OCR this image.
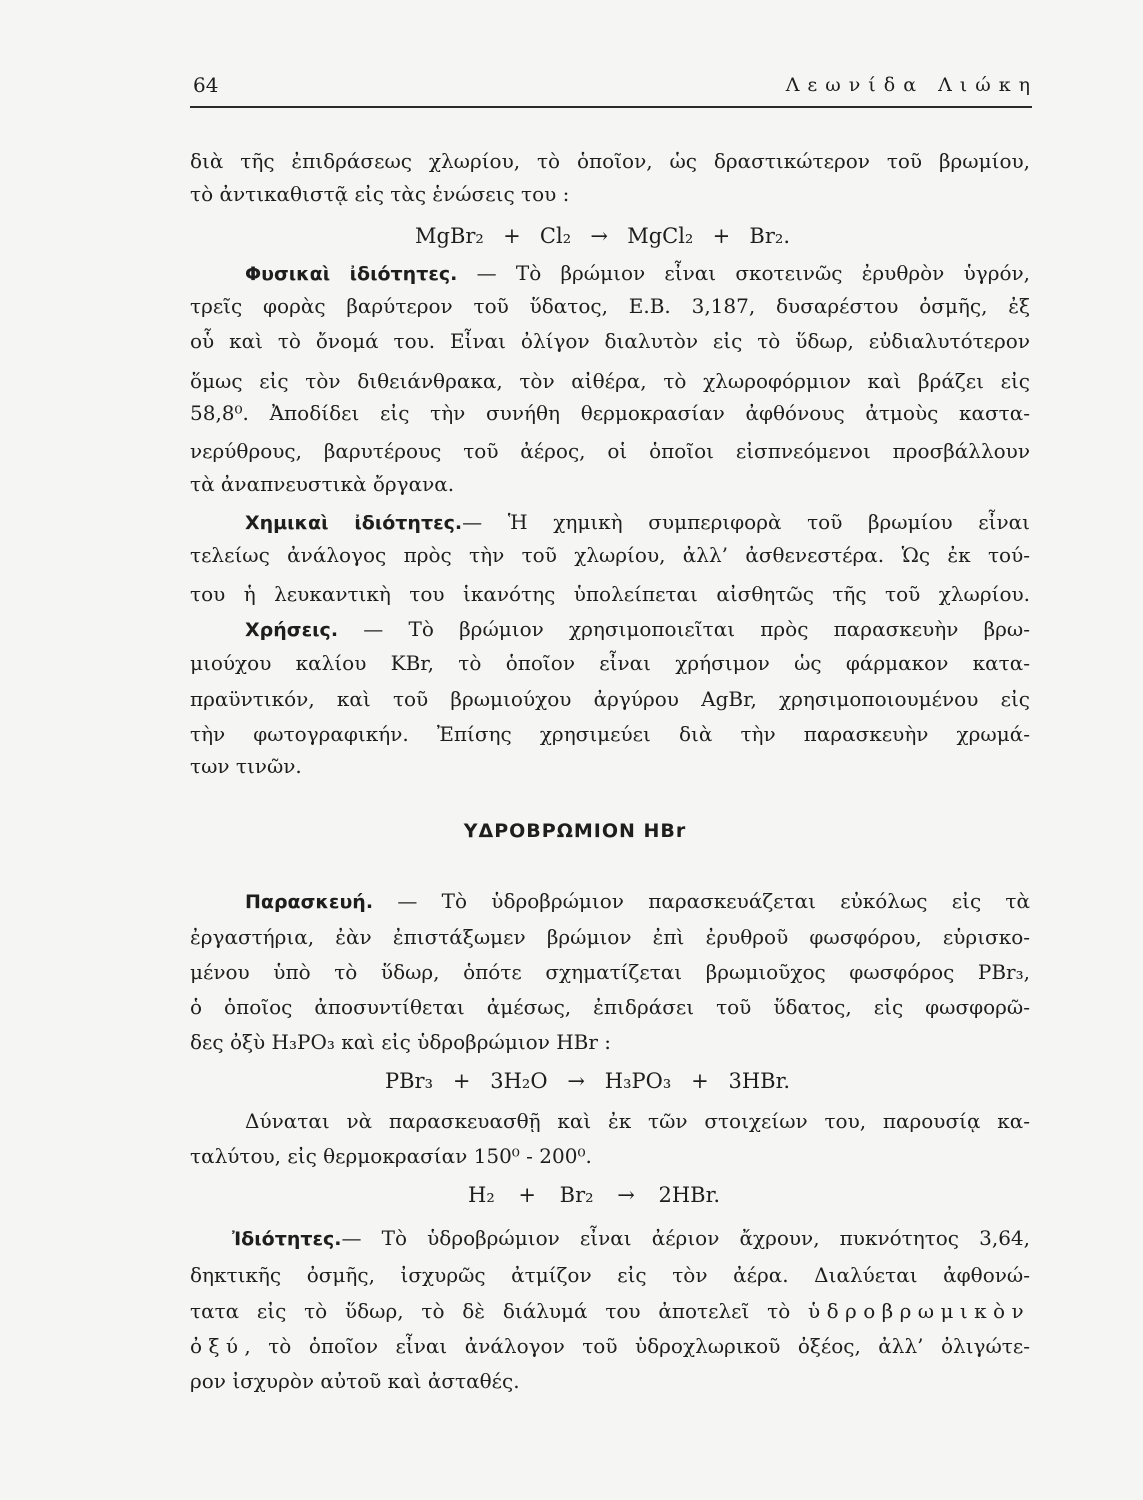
64	Λεωνίδα Λιώκη
διὰ τῆς ἐπιδράσεως χλωρίου, τὸ ὁποῖον, ὡς δραστικώτερον τοῦ βρωμίου,
τὸ ἀντικαθιστᾷ εἰς τὰς ἑνώσεις του :
MgBr₂ + Cl₂ → MgCl₂ + Br₂.
Φυσικαὶ ἰδιότητες. — Τὸ βρώμιον εἶναι σκοτεινῶς ἐρυθρὸν ὑγρόν,
τρεῖς φορὰς βαρύτερον τοῦ ὕδατος, Ε.Β. 3,187, δυσαρέστου ὀσμῆς, ἐξ
οὗ καὶ τὸ ὄνομά του. Εἶναι ὀλίγον διαλυτὸν εἰς τὸ ὕδωρ, εὐδιαλυτότερον
ὅμως εἰς τὸν διθειάνθρακα, τὸν αἰθέρα, τὸ χλωροφόρμιον καὶ βράζει εἰς
58,8⁰. Ἀποδίδει εἰς τὴν συνήθη θερμοκρασίαν ἀφθόνους ἀτμοὺς καστα-
νερύθρους, βαρυτέρους τοῦ ἀέρος, οἱ ὁποῖοι εἰσπνεόμενοι προσβάλλουν
τὰ ἀναπνευστικὰ ὄργανα.
Χημικαὶ ἰδιότητες.— Ἡ χημικὴ συμπεριφορὰ τοῦ βρωμίου εἶναι
τελείως ἀνάλογος πρὸς τὴν τοῦ χλωρίου, ἀλλ’ ἀσθενεστέρα. Ὡς ἐκ τού-
του ἡ λευκαντικὴ του ἱκανότης ὑπολείπεται αἰσθητῶς τῆς τοῦ χλωρίου.
Χρήσεις. — Τὸ βρώμιον χρησιμοποιεῖται πρὸς παρασκευὴν βρω-
μιούχου καλίου KBr, τὸ ὁποῖον εἶναι χρήσιμον ὡς φάρμακον κατα-
πραϋντικόν, καὶ τοῦ βρωμιούχου ἀργύρου AgBr, χρησιμοποιουμένου εἰς
τὴν φωτογραφικήν. Ἐπίσης χρησιμεύει διὰ τὴν παρασκευὴν χρωμά-
των τινῶν.
ΥΔΡΟΒΡΩΜΙΟΝ HBr
Παρασκευή. — Τὸ ὑδροβρώμιον παρασκευάζεται εὐκόλως εἰς τὰ
ἐργαστήρια, ἐὰν ἐπιστάξωμεν βρώμιον ἐπὶ ἐρυθροῦ φωσφόρου, εὑρισκο-
μένου ὑπὸ τὸ ὕδωρ, ὁπότε σχηματίζεται βρωμιοῦχος φωσφόρος PBr₃,
ὁ ὁποῖος ἀποσυντίθεται ἀμέσως, ἐπιδράσει τοῦ ὕδατος, εἰς φωσφορῶ-
δες ὀξὺ H₃PO₃ καὶ εἰς ὑδροβρώμιον HBr :
PBr₃ + 3H₂O → H₃PO₃ + 3HBr.
Δύναται νὰ παρασκευασθῇ καὶ ἐκ τῶν στοιχείων του, παρουσίᾳ κα-
ταλύτου, εἰς θερμοκρασίαν 150⁰ - 200⁰.
H₂ + Br₂ → 2HBr.
Ἰδιότητες.— Τὸ ὑδροβρώμιον εἶναι ἀέριον ἄχρουν, πυκνότητος 3,64,
δηκτικῆς ὀσμῆς, ἰσχυρῶς ἀτμίζον εἰς τὸν ἀέρα. Διαλύεται ἀφθονώ-
τατα εἰς τὸ ὕδωρ, τὸ δὲ διάλυμά του ἀποτελεῖ τὸ ὑδροβρωμικὸν
ὀξύ, τὸ ὁποῖον εἶναι ἀνάλογον τοῦ ὑδροχλωρικοῦ ὀξέος, ἀλλ’ ὀλιγώτε-
ρον ἰσχυρὸν αὐτοῦ καὶ ἀσταθές.
